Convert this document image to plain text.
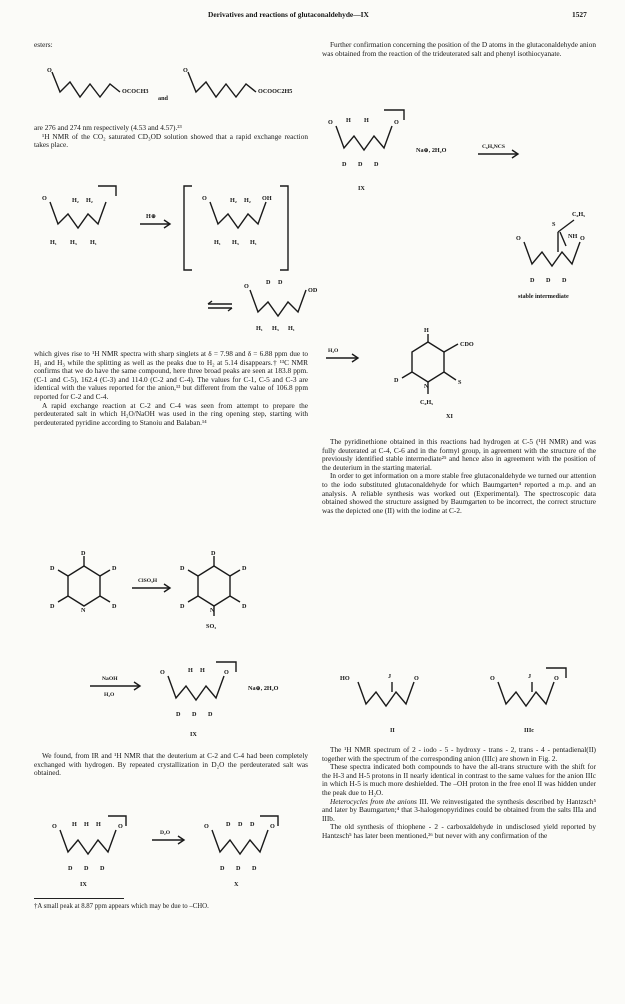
Derivatives and reactions of glutaconaldehyde—IX	1527
esters:
O
OCOCH3
and
O
OCOOC2H5

are 276 and 274 nm respectively (4.53 and 4.57).²³

¹H NMR of the CO₂ saturated CD₃OD solution showed that a rapid exchange reaction takes place.

O	H₂ H₂
H₁ H₃ H₁
H⊕
O	H₂ H₂ OH
H₁ H₃ H₁
O
D D
OD
H₁ H₃ H₁

which gives rise to ¹H NMR spectra with sharp singlets at δ = 7.98 and δ = 6.88 ppm due to H₁ and H₃ while the splitting as well as the peaks due to H₂ at 5.14 disappears.† ¹³C NMR confirms that we do have the same compound, here three broad peaks are seen at 183.8 ppm. (C-1 and C-5), 162.4 (C-3) and 114.0 (C-2 and C-4). The values for C-1, C-5 and C-3 are identical with the values reported for the anion,¹³ but different from the value of 106.8 ppm reported for C-2 and C-4.

A rapid exchange reaction at C-2 and C-4 was seen from attempt to prepare the perdeuterated salt in which H₂O/NaOH was used in the ring opening step, starting with perdeuterated pyridine according to Stanoiu and Balaban.¹⁴

D
D
D
D
D
N
ClSO₃H
D
D
D
D
D
N
SO₃
NaOH
H₂O
O	H H	O
D D D
Na⊕, 2H₂O
IX

We found, from IR and ¹H NMR that the deuterium at C-2 and C-4 had been completely exchanged with hydrogen. By repeated crystallization in D₂O the perdeuterated salt was obtained.

O H H H	O
D D D
D₂O
O	D D D	O
D D D
IX	X
†A small peak at 8.87 ppm appears which may be due to –CHO.

Further confirmation concerning the position of the D atoms in the glutaconaldehyde anion was obtained from the reaction of the trideuterated salt and phenyl isothiocyanate.

O H H	O
D D D
Na⊕, 2H₂O	C₆H₅NCS
IX
C₆H₅
S
NH
O	O
D D D
stable intermediate
H₂O
H
CDO
S
D
N
C₆H₅
XI

The pyridinethione obtained in this reactions had hydrogen at C-5 (¹H NMR) and was fully deuterated at C-4, C-6 and in the formyl group, in agreement with the structure of the previously identified stable intermediate²⁵ and hence also in agreement with the position of the deuterium in the starting material.

In order to get information on a more stable free glutaconaldehyde we turned our attention to the iodo substituted glutaconaldehyde for which Baumgarten⁴ reported a m.p. and an analysis. A reliable synthesis was worked out (Experimental). The spectroscopic data obtained showed the structure assigned by Baumgarten to be incorrect, the correct structure was the depicted one (II) with the iodine at C-2.

HO	J	O
II
O	J	O
IIIc

The ¹H NMR spectrum of 2 - iodo - 5 - hydroxy - trans - 2, trans - 4 - pentadienal(II) together with the spectrum of the corresponding anion (IIIc) are shown in Fig. 2.

These spectra indicated both compounds to have the all-trans structure with the shift for the H-3 and H-5 protons in II nearly identical in contrast to the same values for the anion IIIc in which H-5 is much more deshielded. The –OH proton in the free enol II was hidden under the peak due to H₂O.

Heterocycles from the anions III. We reinvestigated the synthesis described by Hantzsch⁵ and later by Baumgarten;⁴ that 3-halogenopyridines could be obtained from the salts IIIa and IIIb.

The old synthesis of thiophene - 2 - carboxaldehyde in undisclosed yield reported by Hantzsch⁵ has later been mentioned,²⁶ but never with any confirmation of the
